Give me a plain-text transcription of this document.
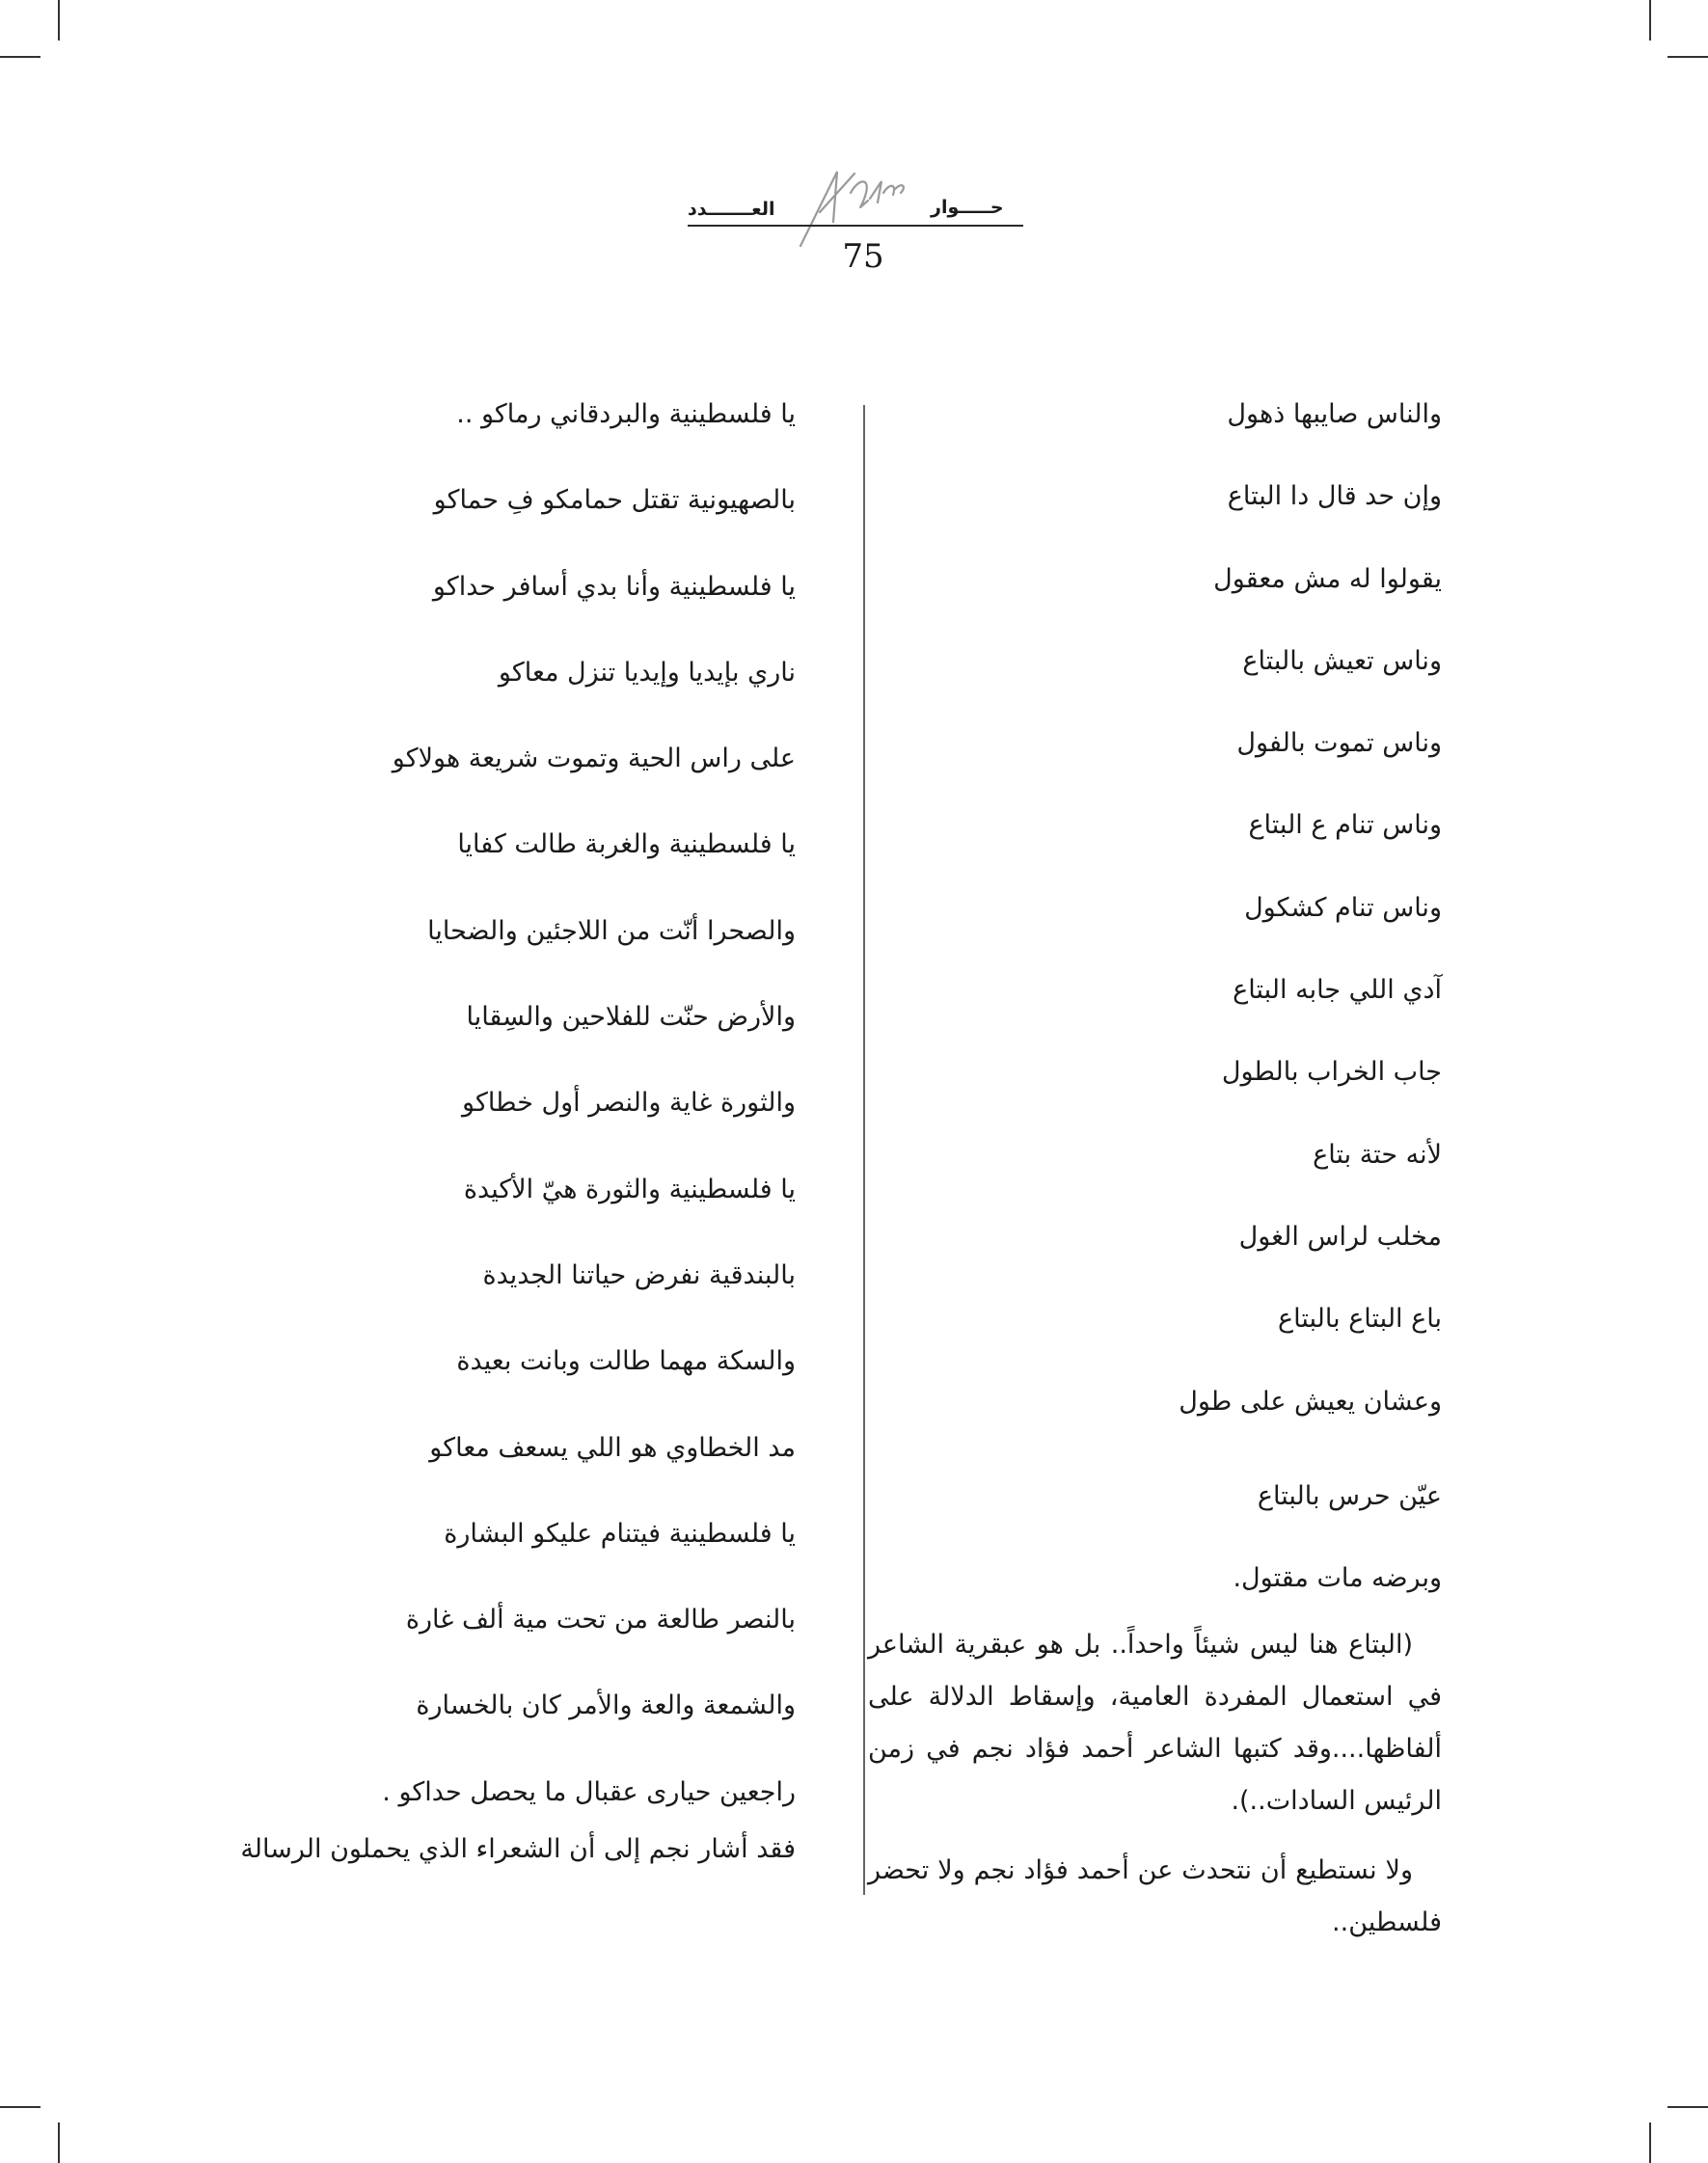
العـــــــدد	حـــــوار
75
والناس صايبها ذهول
وإن حد قال دا البتاع
يقولوا له مش معقول
وناس تعيش بالبتاع
وناس تموت بالفول
وناس تنام ع البتاع
وناس تنام كشكول
آدي اللي جابه البتاع
جاب الخراب بالطول
لأنه حتة بتاع
مخلب لراس الغول
باع البتاع بالبتاع
وعشان يعيش على طول
عيّن حرس بالبتاع
وبرضه مات مقتول.
(البتاع هنا ليس شيئاً واحداً.. بل هو عبقرية الشاعر في استعمال المفردة العامية، وإسقاط الدلالة على ألفاظها....وقد كتبها الشاعر أحمد فؤاد نجم في زمن الرئيس السادات..).
ولا نستطيع أن نتحدث عن أحمد فؤاد نجم ولا تحضر فلسطين..
يا فلسطينية والبردقاني رماكو ..
بالصهيونية تقتل حمامكو فِ حماكو
يا فلسطينية وأنا بدي أسافر حداكو
ناري بإيديا وإيديا تنزل معاكو
على راس الحية وتموت شريعة هولاكو
يا فلسطينية والغربة طالت كفايا
والصحرا أنّت من اللاجئين والضحايا
والأرض حنّت للفلاحين والسِقايا
والثورة غاية والنصر أول خطاكو
يا فلسطينية والثورة هيّ الأكيدة
بالبندقية نفرض حياتنا الجديدة
والسكة مهما طالت وبانت بعيدة
مد الخطاوي هو اللي يسعف معاكو
يا فلسطينية فيتنام عليكو البشارة
بالنصر طالعة من تحت مية ألف غارة
والشمعة والعة والأمر كان بالخسارة
راجعين حيارى عقبال ما يحصل حداكو .
فقد أشار نجم إلى أن الشعراء الذي يحملون الرسالة
